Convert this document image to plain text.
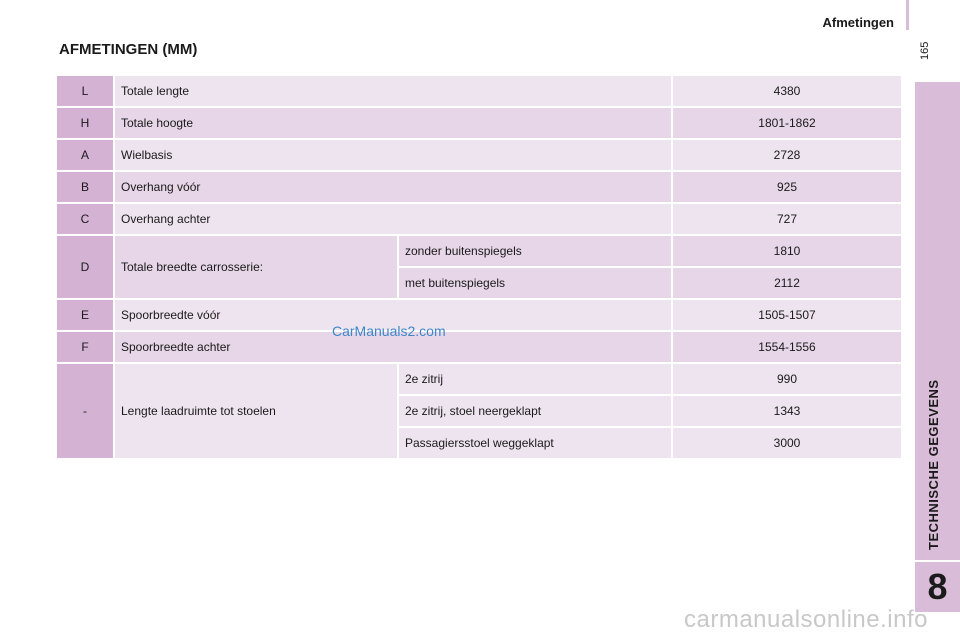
Afmetingen
165
TECHNISCHE GEGEVENS
8
AFMETINGEN (MM)
L	Totale lengte		4380
H	Totale hoogte		1801-1862
A	Wielbasis		2728
B	Overhang vóór		925
C	Overhang achter		727
D	Totale breedte carrosserie:	zonder buitenspiegels	1810
		met buitenspiegels	2112
E	Spoorbreedte vóór		1505-1507
F	Spoorbreedte achter		1554-1556
-	Lengte laadruimte tot stoelen	2e zitrij	990
		2e zitrij, stoel neergeklapt	1343
		Passagiersstoel weggeklapt	3000
CarManuals2.com
carmanualsonline.info
